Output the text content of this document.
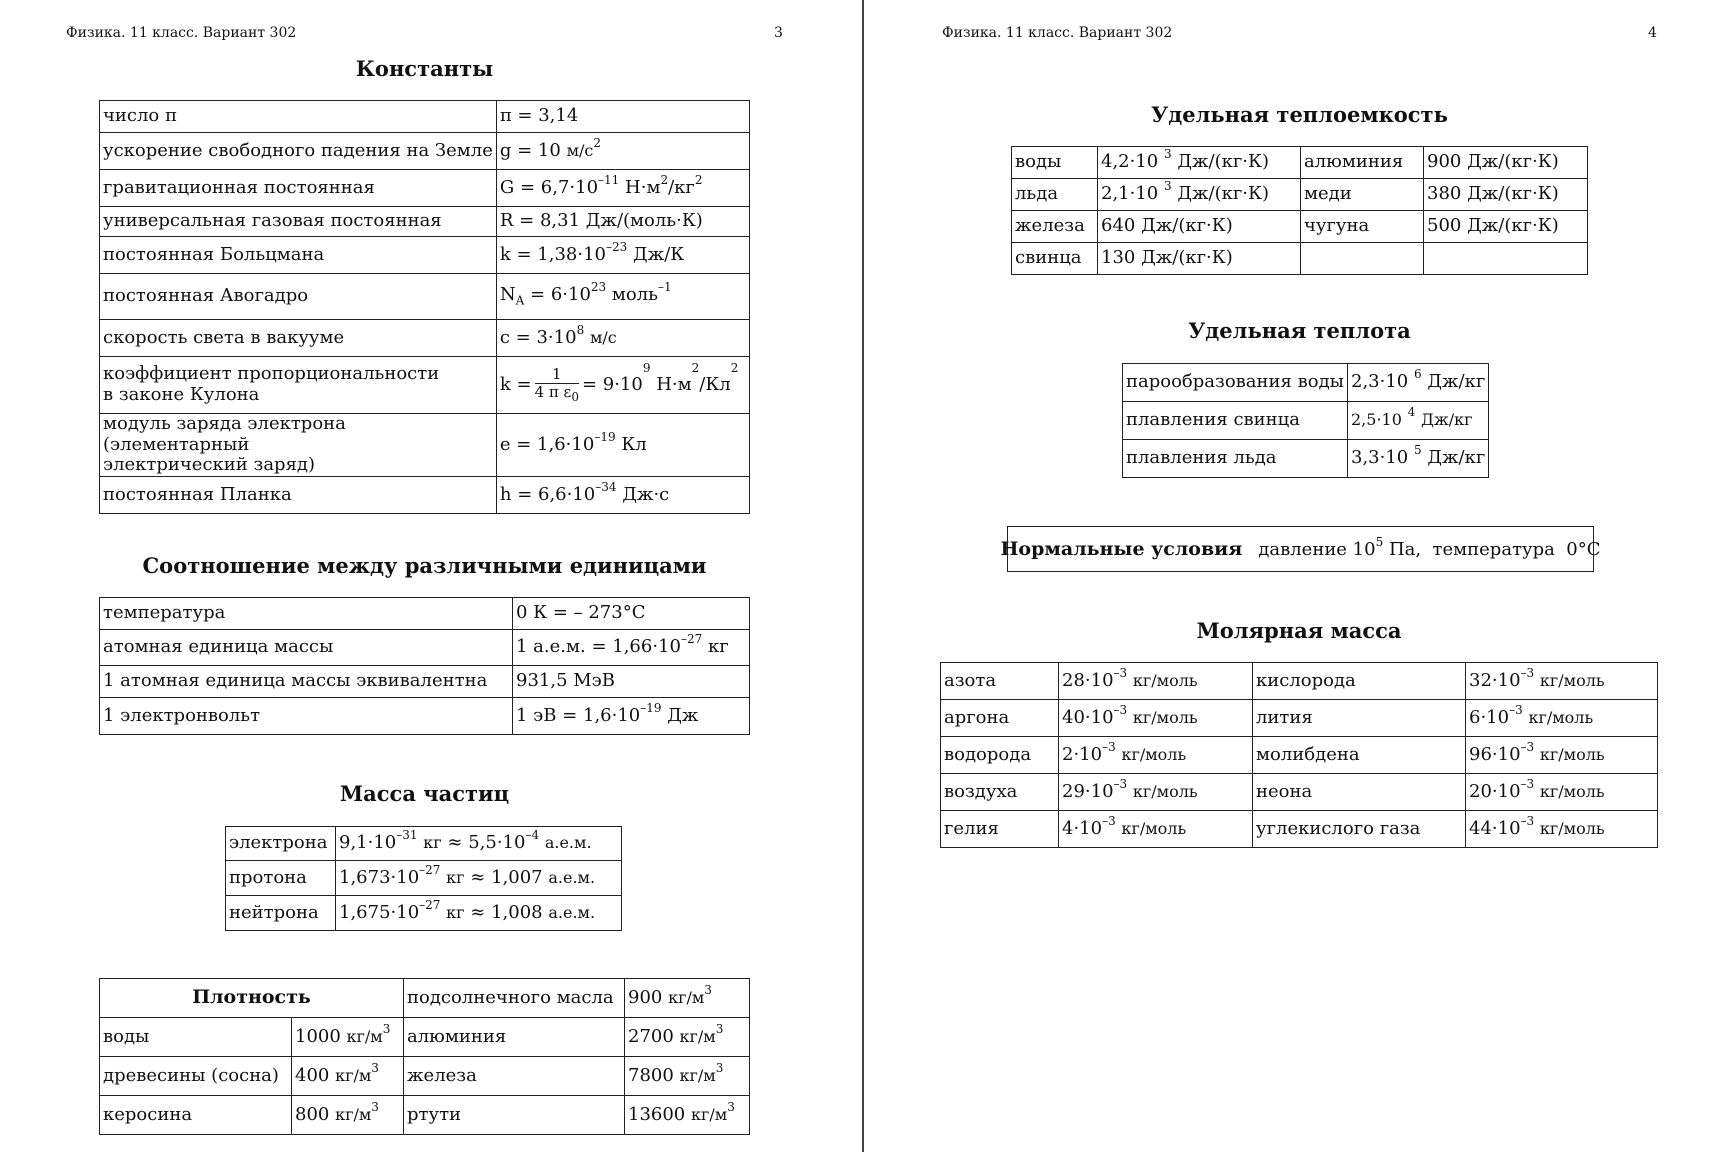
Физика. 11 класс. Вариант 302	3
Константы
число π	π = 3,14
ускорение свободного падения на Земле	g = 10 $м/с^2$
гравитационная постоянная	$G = 6,7\cdot 10^{-11}$ $Н\cdot м^2/кг^2$
универсальная газовая постоянная	R = 8,31 Дж/(моль·К)
постоянная Больцмана	$k = 1,38\cdot 10^{-23}$ Дж/К
постоянная Авогадро	$N_A = 6\cdot 10^{23}$ моль$^{-1}$
скорость света в вакууме	$c = 3\cdot 10^8$ м/с
коэффициент пропорциональности
в законе Кулона	$k = \frac{1}{4 \pi \varepsilon_0} = 9\cdot 10^9$ $Н\cdot м^2/Кл^2$
модуль заряда электрона (элементарный
электрический заряд)	$e = 1,6\cdot 10^{-19}$ Кл
постоянная Планка	$h = 6,6\cdot 10^{-34}$ Дж·с
Соотношение между различными единицами
температура	0 К = – 273°С
атомная единица массы	1 а.е.м. = $1,66\cdot 10^{-27}$ кг
1 атомная единица массы эквивалентна	931,5 МэВ
1 электронвольт	1 эВ = $1,6\cdot 10^{-19}$ Дж
Масса частиц
электрона	$9,1\cdot 10^{-31}$ кг ≈ $5,5\cdot 10^{-4}$ а.е.м.
протона	$1,673\cdot 10^{-27}$ кг ≈ 1,007 а.е.м.
нейтрона	$1,675\cdot 10^{-27}$ кг ≈ 1,008 а.е.м.
Плотность		подсолнечного масла	900 $кг/м^3$
воды	1000 $кг/м^3$	алюминия	2700 $кг/м^3$
древесины (сосна)	400 $кг/м^3$	железа	7800 $кг/м^3$
керосина	800 $кг/м^3$	ртути	13600 $кг/м^3$
Физика. 11 класс. Вариант 302	4
Удельная теплоемкость
воды	4,2·10 $^3$ Дж/(кг·К)	алюминия	900 Дж/(кг·К)
льда	2,1·10 $^3$ Дж/(кг·К)	меди	380 Дж/(кг·К)
железа	640 Дж/(кг·К)	чугуна	500 Дж/(кг·К)
свинца	130 Дж/(кг·К)		
Удельная теплота
парообразования воды	2,3·10 $^6$ Дж/кг
плавления свинца	2,5·10 $^4$ Дж/кг
плавления льда	3,3·10 $^5$ Дж/кг
Нормальные условия давление $10^5$ Па,  температура  0°С
Молярная масса
азота	$28\cdot 10^{-3}$ кг/моль	кислорода	$32\cdot 10^{-3}$ кг/моль
аргона	$40\cdot 10^{-3}$ кг/моль	лития	$6\cdot 10^{-3}$ кг/моль
водорода	$2\cdot 10^{-3}$ кг/моль	молибдена	$96\cdot 10^{-3}$ кг/моль
воздуха	$29\cdot 10^{-3}$ кг/моль	неона	$20\cdot 10^{-3}$ кг/моль
гелия	$4\cdot 10^{-3}$ кг/моль	углекислого газа	$44\cdot 10^{-3}$ кг/моль
